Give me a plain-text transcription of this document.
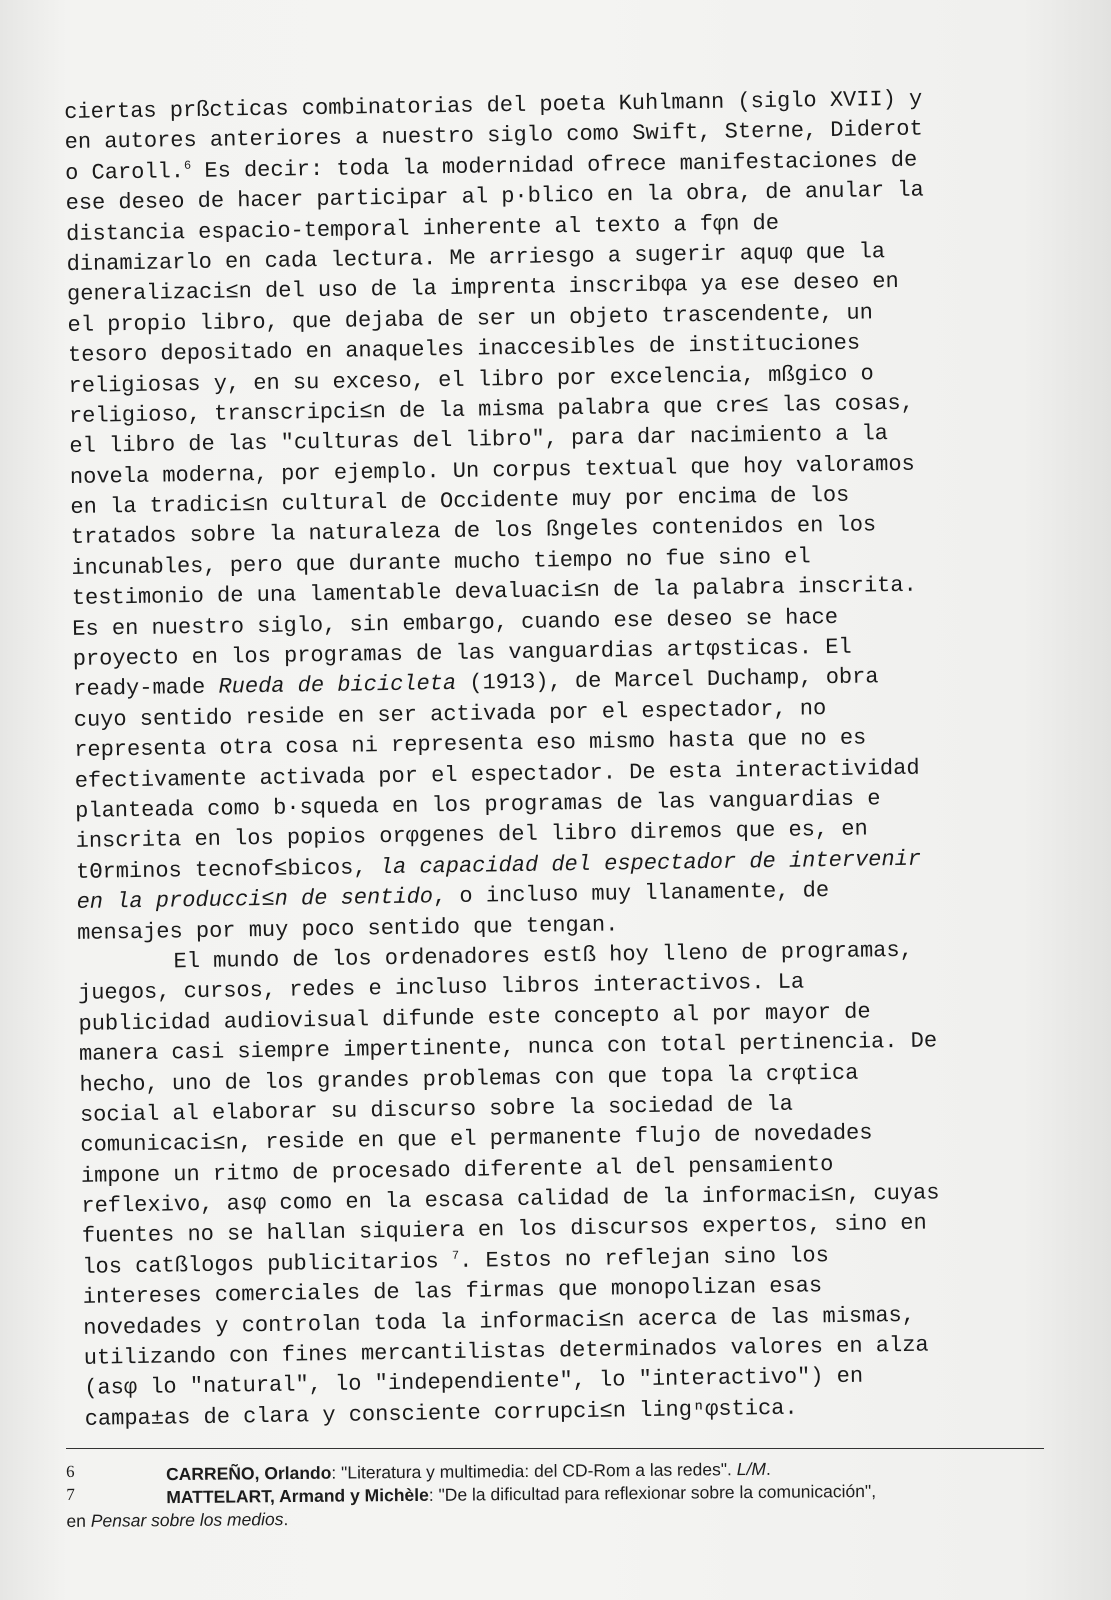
ciertas prßcticas combinatorias del poeta Kuhlmann (siglo XVII) y
en autores anteriores a nuestro siglo como Swift, Sterne, Diderot
o Caroll.$^6$ Es decir: toda la modernidad ofrece manifestaciones de
ese deseo de hacer participar al p·blico en la obra, de anular la
distancia espacio-temporal inherente al texto a fφn de
dinamizarlo en cada lectura. Me arriesgo a sugerir aquφ que la
generalizaci≤n del uso de la imprenta inscribφa ya ese deseo en
el propio libro, que dejaba de ser un objeto trascendente, un
tesoro depositado en anaqueles inaccesibles de instituciones
religiosas y, en su exceso, el libro por excelencia, mßgico o
religioso, transcripci≤n de la misma palabra que cre≤ las cosas,
el libro de las "culturas del libro", para dar nacimiento a la
novela moderna, por ejemplo. Un corpus textual que hoy valoramos
en la tradici≤n cultural de Occidente muy por encima de los
tratados sobre la naturaleza de los ßngeles contenidos en los
incunables, pero que durante mucho tiempo no fue sino el
testimonio de una lamentable devaluaci≤n de la palabra inscrita.
Es en nuestro siglo, sin embargo, cuando ese deseo se hace
proyecto en los programas de las vanguardias artφsticas. El
ready-made Rueda de bicicleta (1913), de Marcel Duchamp, obra
cuyo sentido reside en ser activada por el espectador, no
representa otra cosa ni representa eso mismo hasta que no es
efectivamente activada por el espectador. De esta interactividad
planteada como b·squeda en los programas de las vanguardias e
inscrita en los popios orφgenes del libro diremos que es, en
tΘrminos tecnof≤bicos, la capacidad del espectador de intervenir
en la producci≤n de sentido, o incluso muy llanamente, de
mensajes por muy poco sentido que tengan.
El mundo de los ordenadores estß hoy lleno de programas,
juegos, cursos, redes e incluso libros interactivos. La
publicidad audiovisual difunde este concepto al por mayor de
manera casi siempre impertinente, nunca con total pertinencia. De
hecho, uno de los grandes problemas con que topa la crφtica
social al elaborar su discurso sobre la sociedad de la
comunicaci≤n, reside en que el permanente flujo de novedades
impone un ritmo de procesado diferente al del pensamiento
reflexivo, asφ como en la escasa calidad de la informaci≤n, cuyas
fuentes no se hallan siquiera en los discursos expertos, sino en
los catßlogos publicitarios $^7$. Estos no reflejan sino los
intereses comerciales de las firmas que monopolizan esas
novedades y controlan toda la informaci≤n acerca de las mismas,
utilizando con fines mercantilistas determinados valores en alza
(asφ lo "natural", lo "independiente", lo "interactivo") en
campa±as de clara y consciente corrupci≤n lingⁿφstica.
6	CARREÑO, Orlando: "Literatura y multimedia: del CD-Rom a las redes". L/M.
7	MATTELART, Armand y Michèle: "De la dificultad para reflexionar sobre la comunicación",
en Pensar sobre los medios.
